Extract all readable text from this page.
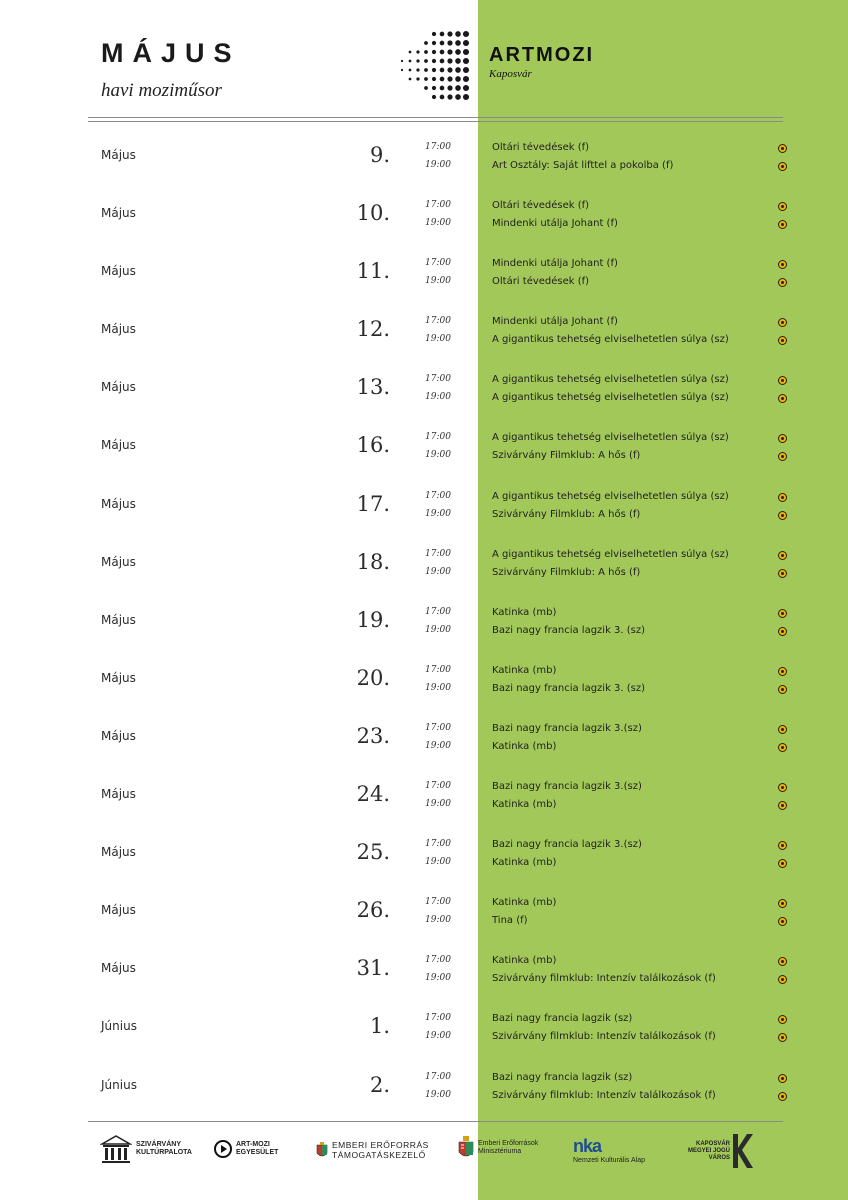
MÁJUS
havi moziműsor
ARTMOZI
Kaposvár
Május	9.	17:00	Oltári tévedések (f)
19:00	Art Osztály: Saját lifttel a pokolba (f)
Május	10.	17:00	Oltári tévedések (f)
19:00	Mindenki utálja Johant (f)
Május	11.	17:00	Mindenki utálja Johant (f)
19:00	Oltári tévedések (f)
Május	12.	17:00	Mindenki utálja Johant (f)
19:00	A gigantikus tehetség elviselhetetlen súlya (sz)
Május	13.	17:00	A gigantikus tehetség elviselhetetlen súlya (sz)
19:00	A gigantikus tehetség elviselhetetlen súlya (sz)
Május	16.	17:00	A gigantikus tehetség elviselhetetlen súlya (sz)
19:00	Szivárvány Filmklub: A hős (f)
Május	17.	17:00	A gigantikus tehetség elviselhetetlen súlya (sz)
19:00	Szivárvány Filmklub: A hős (f)
Május	18.	17:00	A gigantikus tehetség elviselhetetlen súlya (sz)
19:00	Szivárvány Filmklub: A hős (f)
Május	19.	17:00	Katinka (mb)
19:00	Bazi nagy francia lagzik 3. (sz)
Május	20.	17:00	Katinka (mb)
19:00	Bazi nagy francia lagzik 3. (sz)
Május	23.	17:00	Bazi nagy francia lagzik 3.(sz)
19:00	Katinka (mb)
Május	24.	17:00	Bazi nagy francia lagzik 3.(sz)
19:00	Katinka (mb)
Május	25.	17:00	Bazi nagy francia lagzik 3.(sz)
19:00	Katinka (mb)
Május	26.	17:00	Katinka (mb)
19:00	Tina (f)
Május	31.	17:00	Katinka (mb)
19:00	Szivárvány filmklub: Intenzív találkozások (f)
Június	1.	17:00	Bazi nagy francia lagzik (sz)
19:00	Szivárvány filmklub: Intenzív találkozások (f)
Június	2.	17:00	Bazi nagy francia lagzik (sz)
19:00	Szivárvány filmklub: Intenzív találkozások (f)
SZIVÁRVÁNY
KULTÚRPALOTA
ART-MOZI
EGYESÜLET
EMBERI ERŐFORRÁS
TÁMOGATÁSKEZELŐ
Emberi Erőforrások
Minisztériuma	nka
Nemzeti Kulturális Alap
KAPOSVÁR
MEGYEI JOGÚ
VÁROS
